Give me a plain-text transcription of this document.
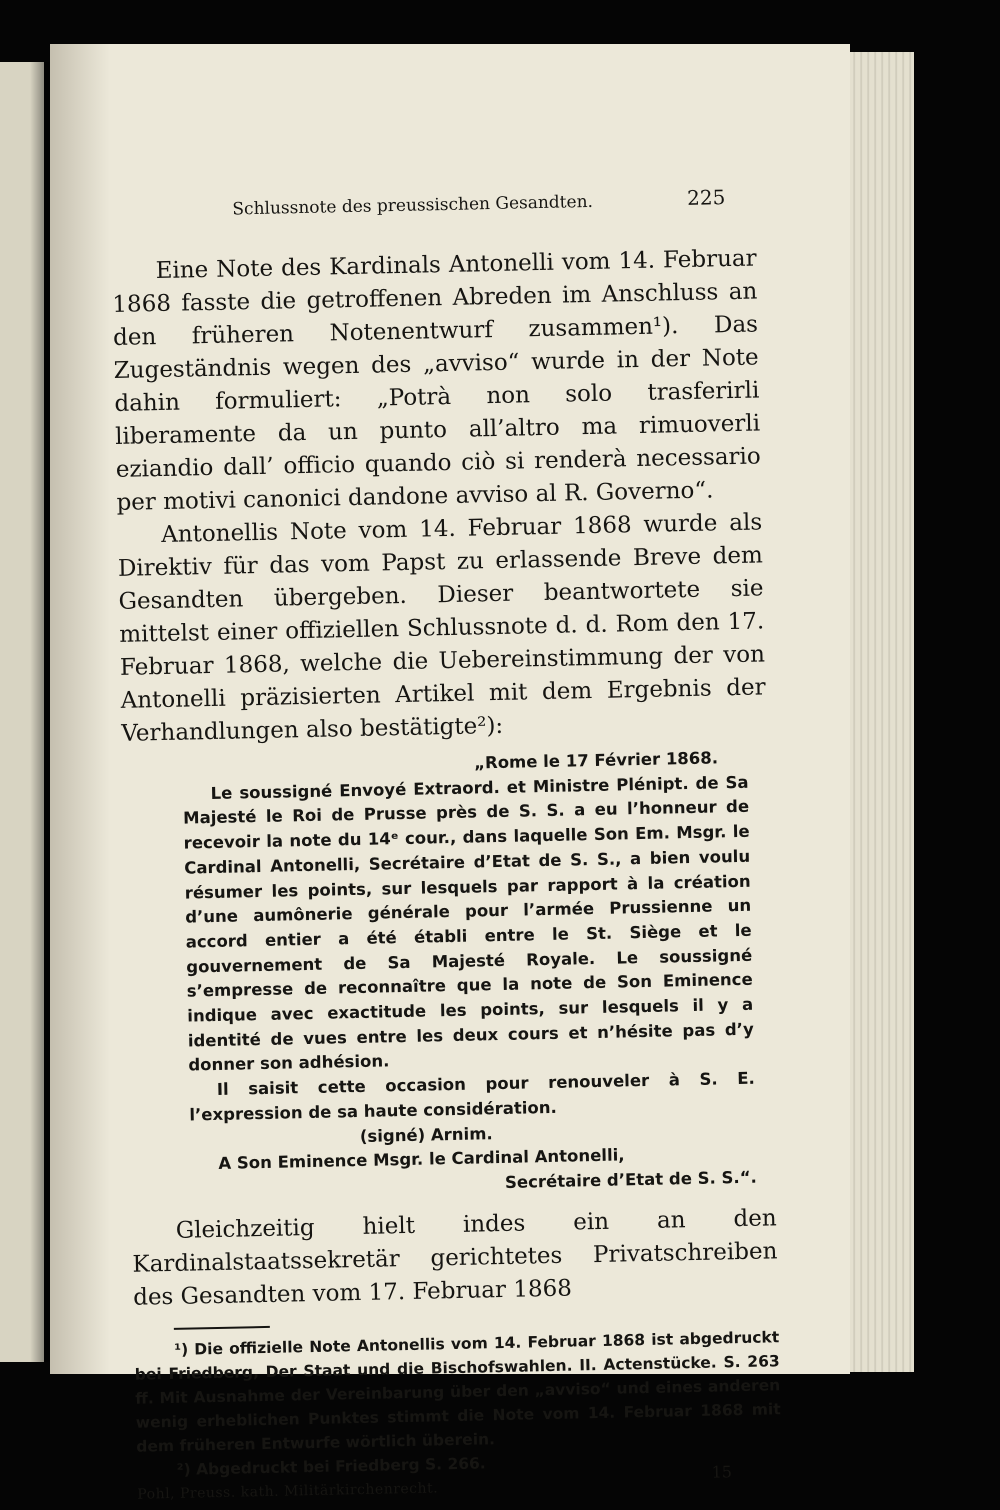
Schlussnote des preussischen Gesandten.	225

Eine Note des Kardinals Antonelli vom 14. Februar 1868 fasste die getroffenen Abreden im Anschluss an den früheren Notenentwurf zusammen¹). Das Zugeständnis wegen des „avviso“ wurde in der Note dahin formuliert: „Potrà non solo trasferirli liberamente da un punto all’altro ma rimuoverli eziandio dall’ officio quando ciò si renderà necessario per motivi canonici dandone avviso al R. Governo“.

Antonellis Note vom 14. Februar 1868 wurde als Direktiv für das vom Papst zu erlassende Breve dem Gesandten übergeben. Dieser beantwortete sie mittelst einer offiziellen Schlussnote d. d. Rom den 17. Februar 1868, welche die Uebereinstimmung der von Antonelli präzisierten Artikel mit dem Ergebnis der Verhandlungen also bestätigte²):

„Rome le 17 Février 1868.

Le soussigné Envoyé Extraord. et Ministre Plénipt. de Sa Majesté le Roi de Prusse près de S. S. a eu l’honneur de recevoir la note du 14ᵉ cour., dans laquelle Son Em. Msgr. le Cardinal Antonelli, Secrétaire d’Etat de S. S., a bien voulu résumer les points, sur lesquels par rapport à la création d’une aumônerie générale pour l’armée Prussienne un accord entier a été établi entre le St. Siège et le gouvernement de Sa Majesté Royale. Le soussigné s’empresse de reconnaître que la note de Son Eminence indique avec exactitude les points, sur lesquels il y a identité de vues entre les deux cours et n’hésite pas d’y donner son adhésion.

Il saisit cette occasion pour renouveler à S. E. l’expression de sa haute considération.

(signé) Arnim.
A Son Eminence Msgr. le Cardinal Antonelli,
Secrétaire d’Etat de S. S.“.

Gleichzeitig hielt indes ein an den Kardinalstaatssekretär gerichtetes Privatschreiben des Gesandten vom 17. Februar 1868

¹) Die offizielle Note Antonellis vom 14. Februar 1868 ist abgedruckt bei Friedberg, Der Staat und die Bischofswahlen. II. Actenstücke. S. 263 ff. Mit Ausnahme der Vereinbarung über den „avviso“ und eines anderen wenig erheblichen Punktes stimmt die Note vom 14. Februar 1868 mit dem früheren Entwurfe wörtlich überein.

²) Abgedruckt bei Friedberg S. 266.

Pohl, Preuss. kath. Militärkirchenrecht.
15
